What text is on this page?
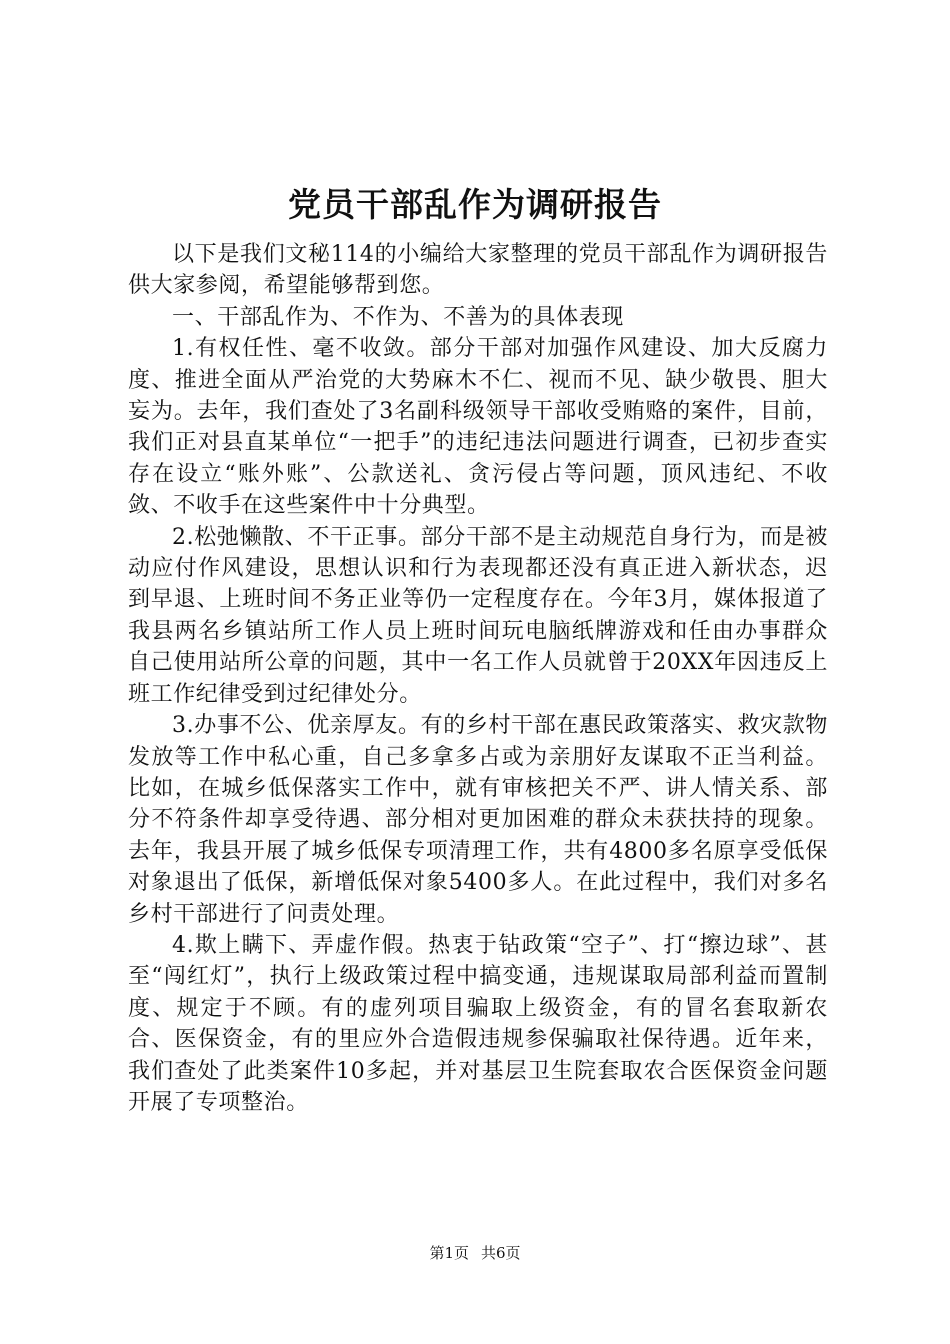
党员干部乱作为调研报告

以下是我们文秘114的小编给大家整理的党员干部乱作为调研报告供大家参阅，希望能够帮到您。

一、干部乱作为、不作为、不善为的具体表现

1.有权任性、毫不收敛。部分干部对加强作风建设、加大反腐力度、推进全面从严治党的大势麻木不仁、视而不见、缺少敬畏、胆大妄为。去年，我们查处了3名副科级领导干部收受贿赂的案件，目前，我们正对县直某单位“一把手”的违纪违法问题进行调查，已初步查实存在设立“账外账”、公款送礼、贪污侵占等问题，顶风违纪、不收敛、不收手在这些案件中十分典型。

2.松弛懒散、不干正事。部分干部不是主动规范自身行为，而是被动应付作风建设，思想认识和行为表现都还没有真正进入新状态，迟到早退、上班时间不务正业等仍一定程度存在。今年3月，媒体报道了我县两名乡镇站所工作人员上班时间玩电脑纸牌游戏和任由办事群众自己使用站所公章的问题，其中一名工作人员就曾于20XX年因违反上班工作纪律受到过纪律处分。

3.办事不公、优亲厚友。有的乡村干部在惠民政策落实、救灾款物发放等工作中私心重，自己多拿多占或为亲朋好友谋取不正当利益。比如，在城乡低保落实工作中，就有审核把关不严、讲人情关系、部分不符条件却享受待遇、部分相对更加困难的群众未获扶持的现象。去年，我县开展了城乡低保专项清理工作，共有4800多名原享受低保对象退出了低保，新增低保对象5400多人。在此过程中，我们对多名乡村干部进行了问责处理。

4.欺上瞒下、弄虚作假。热衷于钻政策“空子”、打“擦边球”、甚至“闯红灯”，执行上级政策过程中搞变通，违规谋取局部利益而置制度、规定于不顾。有的虚列项目骗取上级资金，有的冒名套取新农合、医保资金，有的里应外合造假违规参保骗取社保待遇。近年来，我们查处了此类案件10多起，并对基层卫生院套取农合医保资金问题开展了专项整治。

第1页 共6页
